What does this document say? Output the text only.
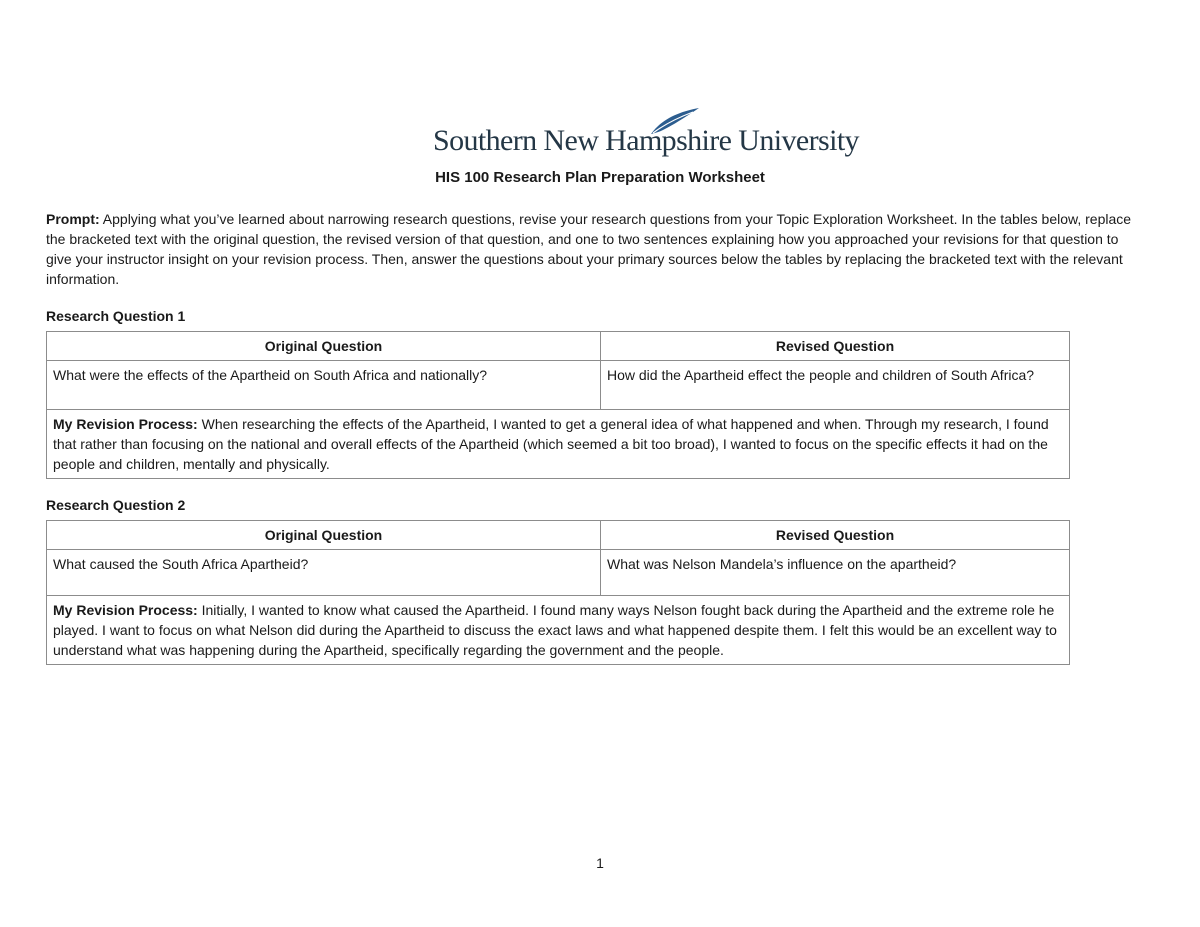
Southern New Hampshire University
HIS 100 Research Plan Preparation Worksheet

Prompt: Applying what you’ve learned about narrowing research questions, revise your research questions from your Topic Exploration Worksheet. In the tables below, replace the bracketed text with the original question, the revised version of that question, and one to two sentences explaining how you approached your revisions for that question to give your instructor insight on your revision process. Then, answer the questions about your primary sources below the tables by replacing the bracketed text with the relevant information.

Research Question 1

Original Question	Revised Question
What were the effects of the Apartheid on South Africa and nationally?	How did the Apartheid effect the people and children of South Africa?
My Revision Process: When researching the effects of the Apartheid, I wanted to get a general idea of what happened and when. Through my research, I found that rather than focusing on the national and overall effects of the Apartheid (which seemed a bit too broad), I wanted to focus on the specific effects it had on the people and children, mentally and physically.	

Research Question 2

Original Question	Revised Question
What caused the South Africa Apartheid?	What was Nelson Mandela’s influence on the apartheid?
My Revision Process: Initially, I wanted to know what caused the Apartheid. I found many ways Nelson fought back during the Apartheid and the extreme role he played. I want to focus on what Nelson did during the Apartheid to discuss the exact laws and what happened despite them. I felt this would be an excellent way to understand what was happening during the Apartheid, specifically regarding the government and the people.	
1
